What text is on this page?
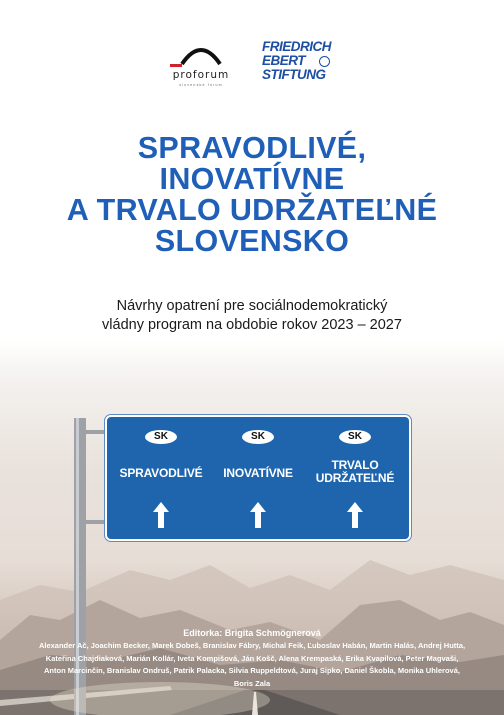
proforum
slovenské fórum
FRIEDRICH
EBERT
STIFTUNG
SPRAVODLIVÉ,
INOVATÍVNE
A TRVALO UDRŽATEĽNÉ
SLOVENSKO
Návrhy opatrení pre sociálnodemokratický
vládny program na obdobie rokov 2023 – 2027
SK
SPRAVODLIVÉ
SK
INOVATÍVNE
SK
TRVALO
UDRŽATEĽNÉ
Editorka: Brigita Schmögnerová
Alexander Ač, Joachim Becker, Marek Dobeš, Branislav Fábry, Michal Feik, Ľuboslav Habán, Martin Halás, Andrej Hutta, Kateřina Chajdiaková, Marián Kollár, Iveta Kompišová, Ján Košč, Alena Krempaská, Erika Kvapilová, Peter Magvaši, Anton Marcinčin, Branislav Ondruš, Patrik Palacka, Silvia Ruppeldtová, Juraj Sipko, Daniel Škobla, Monika Uhlerová, Boris Zala
